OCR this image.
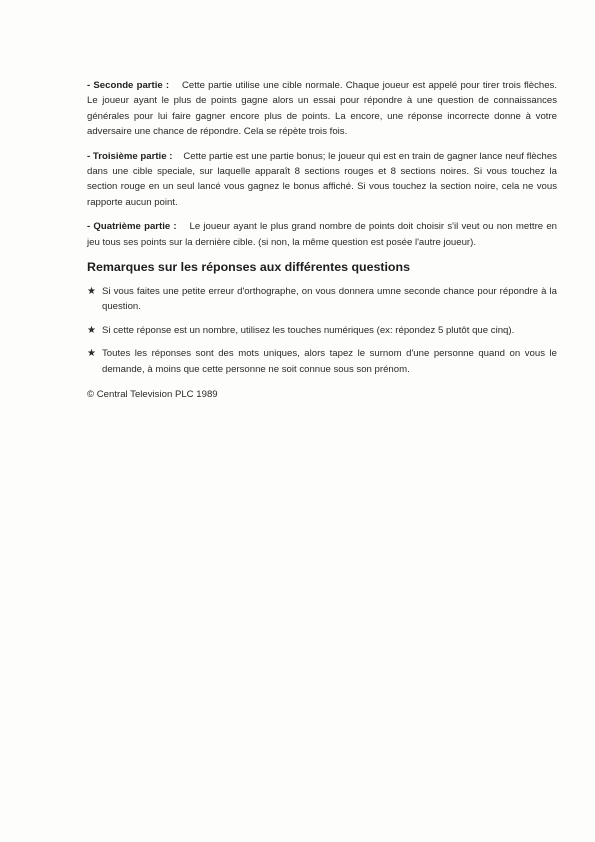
- Seconde partie : Cette partie utilise une cible normale. Chaque joueur est appelé pour tirer trois flèches. Le joueur ayant le plus de points gagne alors un essai pour répondre à une question de connaissances générales pour lui faire gagner encore plus de points. La encore, une réponse incorrecte donne à votre adversaire une chance de répondre. Cela se répète trois fois.

- Troisième partie : Cette partie est une partie bonus; le joueur qui est en train de gagner lance neuf flèches dans une cible speciale, sur laquelle apparaît 8 sections rouges et 8 sections noires. Si vous touchez la section rouge en un seul lancé vous gagnez le bonus affiché. Si vous touchez la section noire, cela ne vous rapporte aucun point.

- Quatrième partie : Le joueur ayant le plus grand nombre de points doit choisir s'il veut ou non mettre en jeu tous ses points sur la dernière cible. (si non, la même question est posée l'autre joueur).

Remarques sur les réponses aux différentes questions
★ Si vous faites une petite erreur d'orthographe, on vous donnera umne seconde chance pour répondre à la question.
★ Si cette réponse est un nombre, utilisez les touches numériques (ex: répondez 5 plutôt que cinq).
★ Toutes les réponses sont des mots uniques, alors tapez le surnom d'une personne quand on vous le demande, à moins que cette personne ne soit connue sous son prénom.
© Central Television PLC 1989
